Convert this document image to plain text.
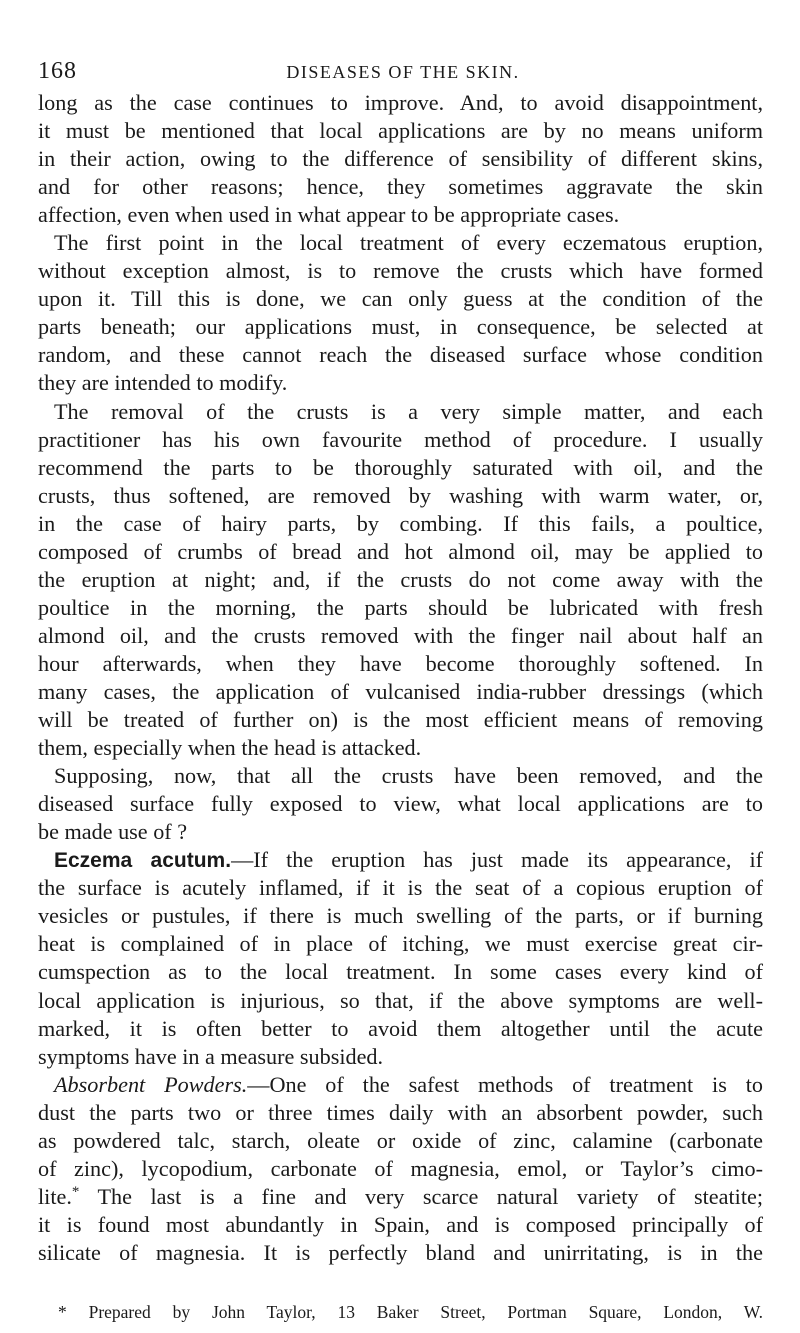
168	DISEASES OF THE SKIN.
long as the case continues to improve. And, to avoid disappointment,
it must be mentioned that local applications are by no means uniform
in their action, owing to the difference of sensibility of different skins,
and for other reasons; hence, they sometimes aggravate the skin
affection, even when used in what appear to be appropriate cases.
The first point in the local treatment of every eczematous eruption,
without exception almost, is to remove the crusts which have formed
upon it. Till this is done, we can only guess at the condition of the
parts beneath; our applications must, in consequence, be selected at
random, and these cannot reach the diseased surface whose condition
they are intended to modify.
The removal of the crusts is a very simple matter, and each
practitioner has his own favourite method of procedure. I usually
recommend the parts to be thoroughly saturated with oil, and the
crusts, thus softened, are removed by washing with warm water, or,
in the case of hairy parts, by combing. If this fails, a poultice,
composed of crumbs of bread and hot almond oil, may be applied to
the eruption at night; and, if the crusts do not come away with the
poultice in the morning, the parts should be lubricated with fresh
almond oil, and the crusts removed with the finger nail about half an
hour afterwards, when they have become thoroughly softened. In
many cases, the application of vulcanised india-rubber dressings (which
will be treated of further on) is the most efficient means of removing
them, especially when the head is attacked.
Supposing, now, that all the crusts have been removed, and the
diseased surface fully exposed to view, what local applications are to
be made use of ?
Eczema acutum.—If the eruption has just made its appearance, if
the surface is acutely inflamed, if it is the seat of a copious eruption of
vesicles or pustules, if there is much swelling of the parts, or if burning
heat is complained of in place of itching, we must exercise great cir-
cumspection as to the local treatment. In some cases every kind of
local application is injurious, so that, if the above symptoms are well-
marked, it is often better to avoid them altogether until the acute
symptoms have in a measure subsided.
Absorbent Powders.—One of the safest methods of treatment is to
dust the parts two or three times daily with an absorbent powder, such
as powdered talc, starch, oleate or oxide of zinc, calamine (carbonate
of zinc), lycopodium, carbonate of magnesia, emol, or Taylor’s cimo-
lite.* The last is a fine and very scarce natural variety of steatite;
it is found most abundantly in Spain, and is composed principally of
silicate of magnesia. It is perfectly bland and unirritating, is in the
* Prepared by John Taylor, 13 Baker Street, Portman Square, London, W.
